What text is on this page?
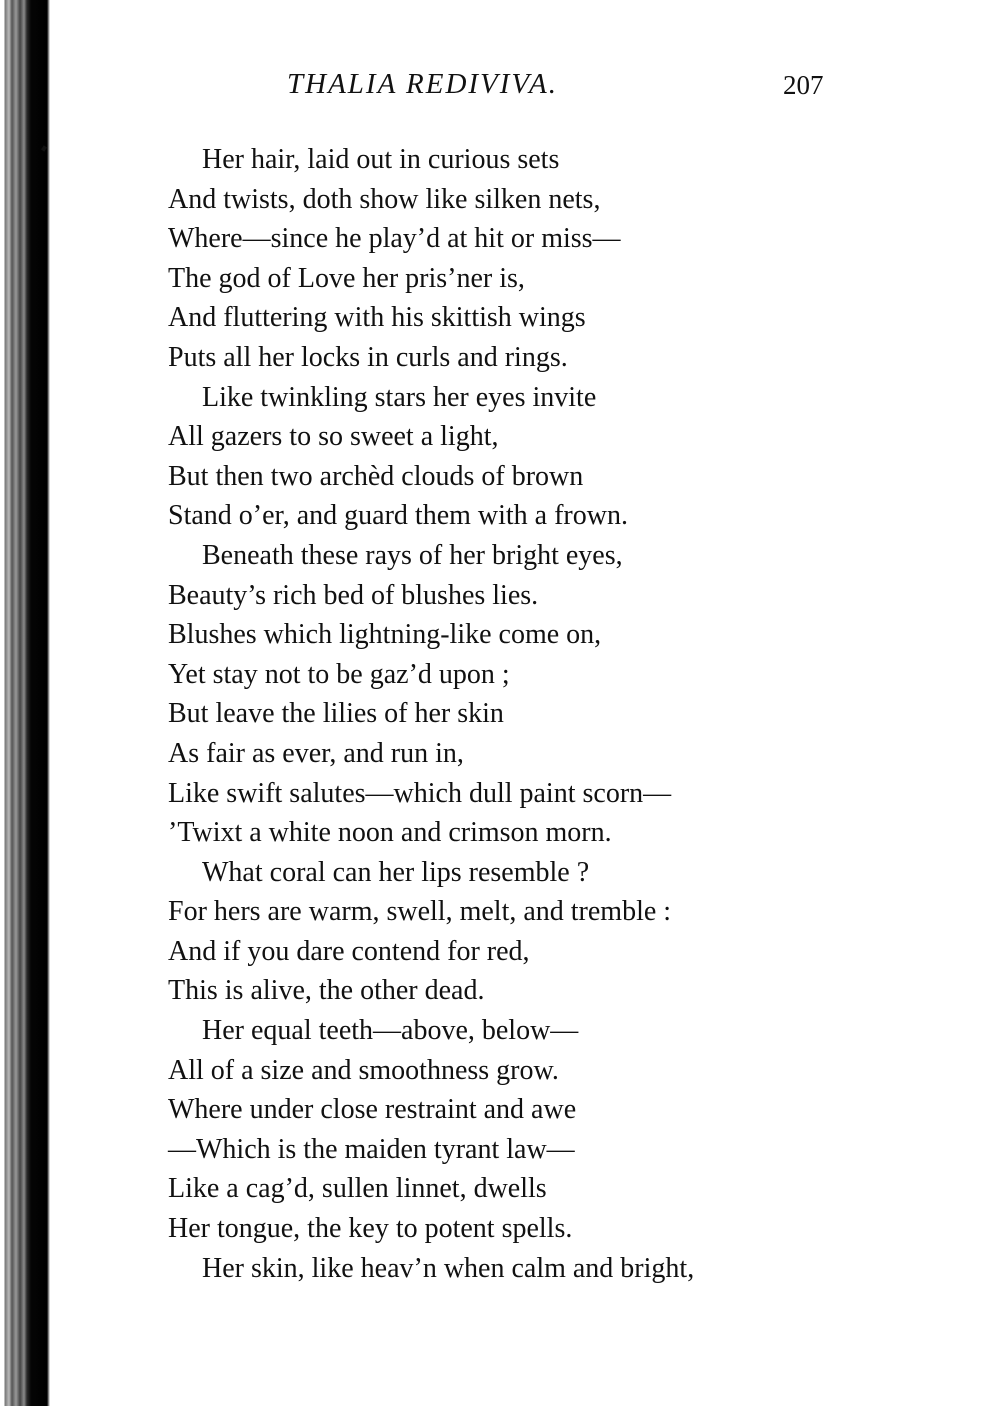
THALIA REDIVIVA.	207
Her hair, laid out in curious sets
And twists, doth show like silken nets,
Where—since he play’d at hit or miss—
The god of Love her pris’ner is,
And fluttering with his skittish wings
Puts all her locks in curls and rings.
Like twinkling stars her eyes invite
All gazers to so sweet a light,
But then two archèd clouds of brown
Stand o’er, and guard them with a frown.
Beneath these rays of her bright eyes,
Beauty’s rich bed of blushes lies.
Blushes which lightning-like come on,
Yet stay not to be gaz’d upon ;
But leave the lilies of her skin
As fair as ever, and run in,
Like swift salutes—which dull paint scorn—
’Twixt a white noon and crimson morn.
What coral can her lips resemble ?
For hers are warm, swell, melt, and tremble :
And if you dare contend for red,
This is alive, the other dead.
Her equal teeth—above, below—
All of a size and smoothness grow.
Where under close restraint and awe
—Which is the maiden tyrant law—
Like a cag’d, sullen linnet, dwells
Her tongue, the key to potent spells.
Her skin, like heav’n when calm and bright,
